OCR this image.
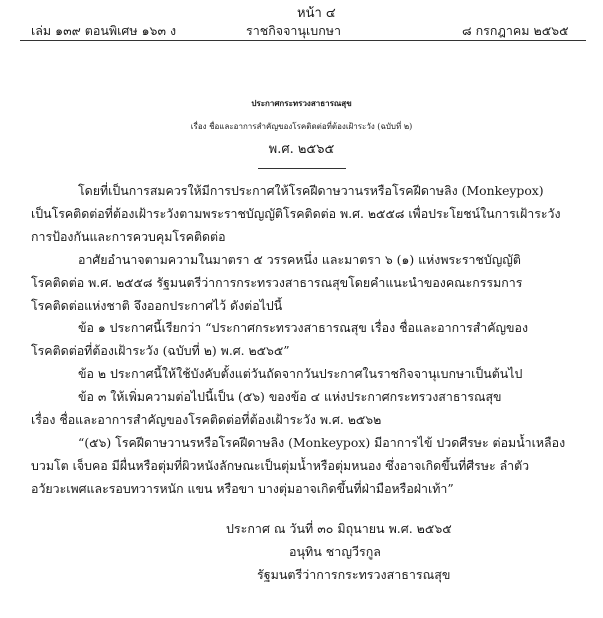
หน้า ๔
เล่ม ๑๓๙ ตอนพิเศษ ๑๖๓ ง	ราชกิจจานุเบกษา	๘ กรกฎาคม ๒๕๖๕
ประกาศกระทรวงสาธารณสุข
เรื่อง ชื่อและอาการสำคัญของโรคติดต่อที่ต้องเฝ้าระวัง (ฉบับที่ ๒)
พ.ศ. ๒๕๖๕
โดยที่เป็นการสมควรให้มีการประกาศให้โรคฝีดาษวานรหรือโรคฝีดาษลิง (Monkeypox)
เป็นโรคติดต่อที่ต้องเฝ้าระวังตามพระราชบัญญัติโรคติดต่อ พ.ศ. ๒๕๕๘ เพื่อประโยชน์ในการเฝ้าระวัง
การป้องกันและการควบคุมโรคติดต่อ
อาศัยอำนาจตามความในมาตรา ๕ วรรคหนึ่ง และมาตรา ๖ (๑) แห่งพระราชบัญญัติ
โรคติดต่อ พ.ศ. ๒๕๕๘ รัฐมนตรีว่าการกระทรวงสาธารณสุขโดยคำแนะนำของคณะกรรมการ
โรคติดต่อแห่งชาติ จึงออกประกาศไว้ ดังต่อไปนี้
ข้อ ๑ ประกาศนี้เรียกว่า “ประกาศกระทรวงสาธารณสุข เรื่อง ชื่อและอาการสำคัญของ
โรคติดต่อที่ต้องเฝ้าระวัง (ฉบับที่ ๒) พ.ศ. ๒๕๖๕”
ข้อ ๒ ประกาศนี้ให้ใช้บังคับตั้งแต่วันถัดจากวันประกาศในราชกิจจานุเบกษาเป็นต้นไป
ข้อ ๓ ให้เพิ่มความต่อไปนี้เป็น (๕๖) ของข้อ ๔ แห่งประกาศกระทรวงสาธารณสุข
เรื่อง ชื่อและอาการสำคัญของโรคติดต่อที่ต้องเฝ้าระวัง พ.ศ. ๒๕๖๒
“(๕๖) โรคฝีดาษวานรหรือโรคฝีดาษลิง (Monkeypox) มีอาการไข้ ปวดศีรษะ ต่อมน้ำเหลือง
บวมโต เจ็บคอ มีผื่นหรือตุ่มที่ผิวหนังลักษณะเป็นตุ่มน้ำหรือตุ่มหนอง ซึ่งอาจเกิดขึ้นที่ศีรษะ ลำตัว
อวัยวะเพศและรอบทวารหนัก แขน หรือขา บางตุ่มอาจเกิดขึ้นที่ฝ่ามือหรือฝ่าเท้า”
ประกาศ ณ วันที่ ๓๐ มิถุนายน พ.ศ. ๒๕๖๕
อนุทิน ชาญวีรกูล
รัฐมนตรีว่าการกระทรวงสาธารณสุข
